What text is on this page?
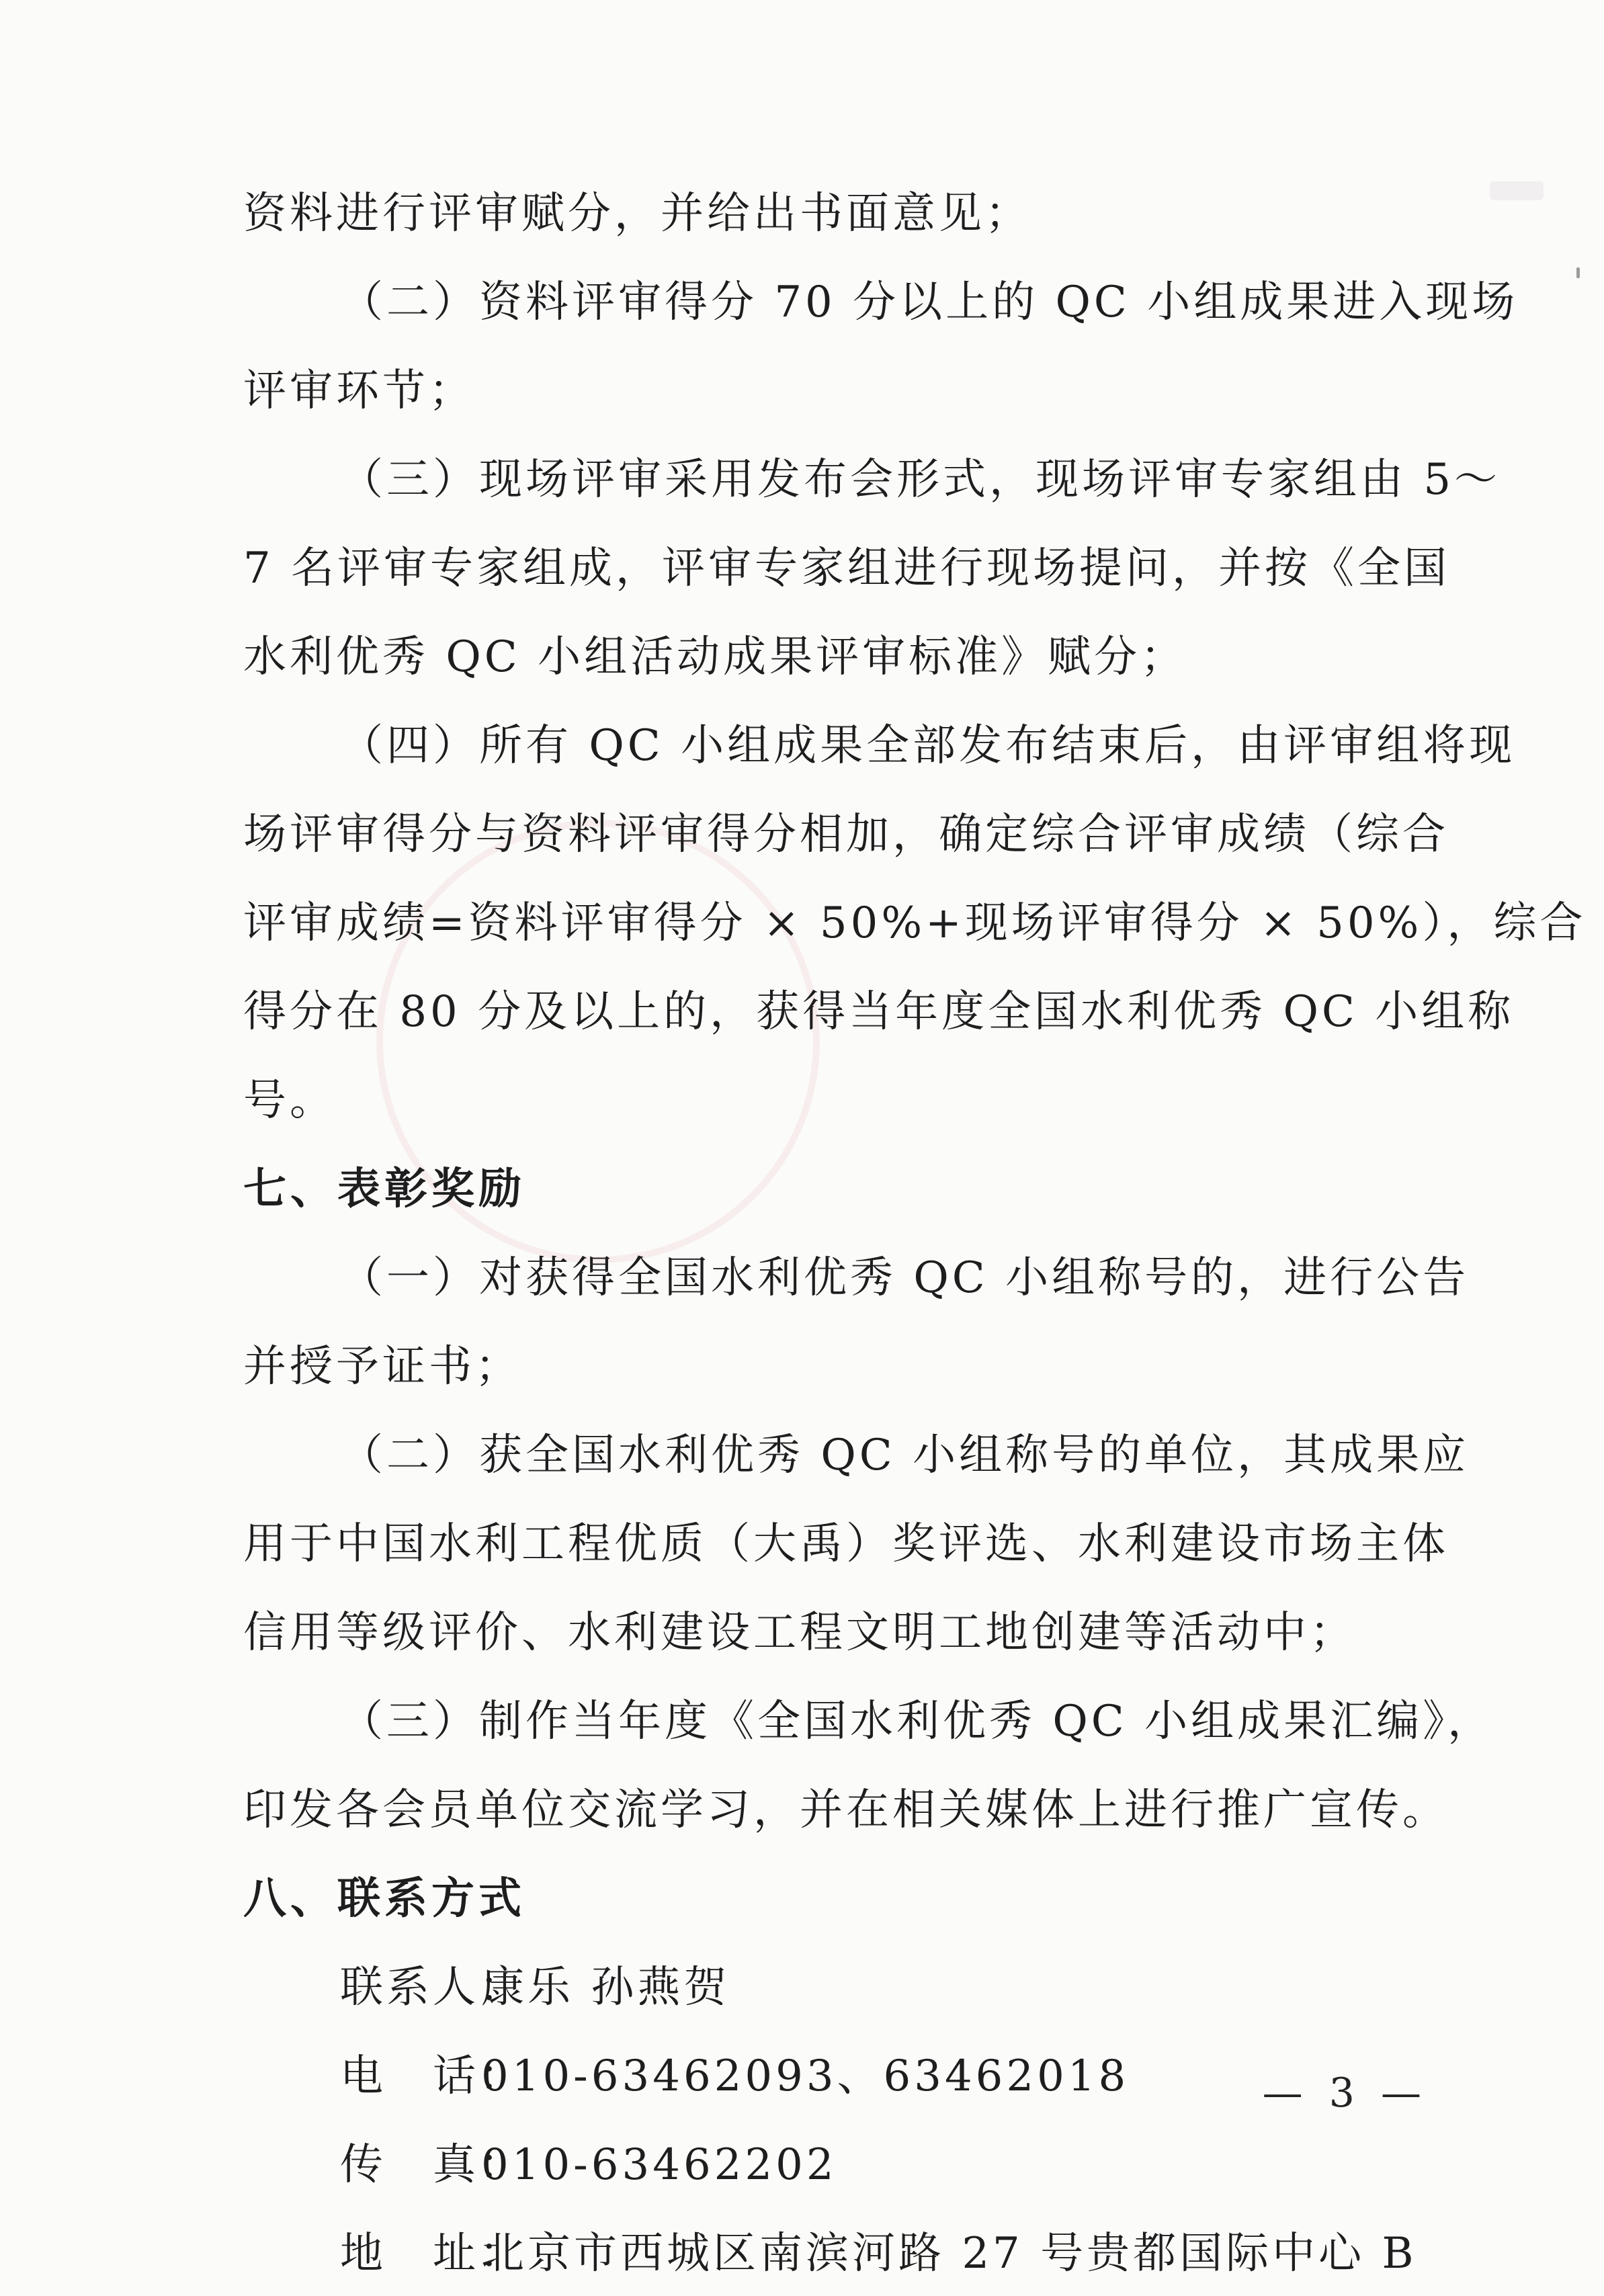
资料进行评审赋分，并给出书面意见；
（二）资料评审得分 70 分以上的 QC 小组成果进入现场
评审环节；
（三）现场评审采用发布会形式，现场评审专家组由 5～
7 名评审专家组成，评审专家组进行现场提问，并按《全国
水利优秀 QC 小组活动成果评审标准》赋分；
（四）所有 QC 小组成果全部发布结束后，由评审组将现
场评审得分与资料评审得分相加，确定综合评审成绩（综合
评审成绩=资料评审得分 × 50%+现场评审得分 × 50%），综合
得分在 80 分及以上的，获得当年度全国水利优秀 QC 小组称
号。
七、表彰奖励
（一）对获得全国水利优秀 QC 小组称号的，进行公告
并授予证书；
（二）获全国水利优秀 QC 小组称号的单位，其成果应
用于中国水利工程优质（大禹）奖评选、水利建设市场主体
信用等级评价、水利建设工程文明工地创建等活动中；
（三）制作当年度《全国水利优秀 QC 小组成果汇编》，
印发各会员单位交流学习，并在相关媒体上进行推广宣传。
八、联系方式
联系人：康乐 孙燕贺
电　话：010-63462093、63462018
传　真：010-63462202
地　址：北京市西城区南滨河路 27 号贵都国际中心 B
— 3 —
